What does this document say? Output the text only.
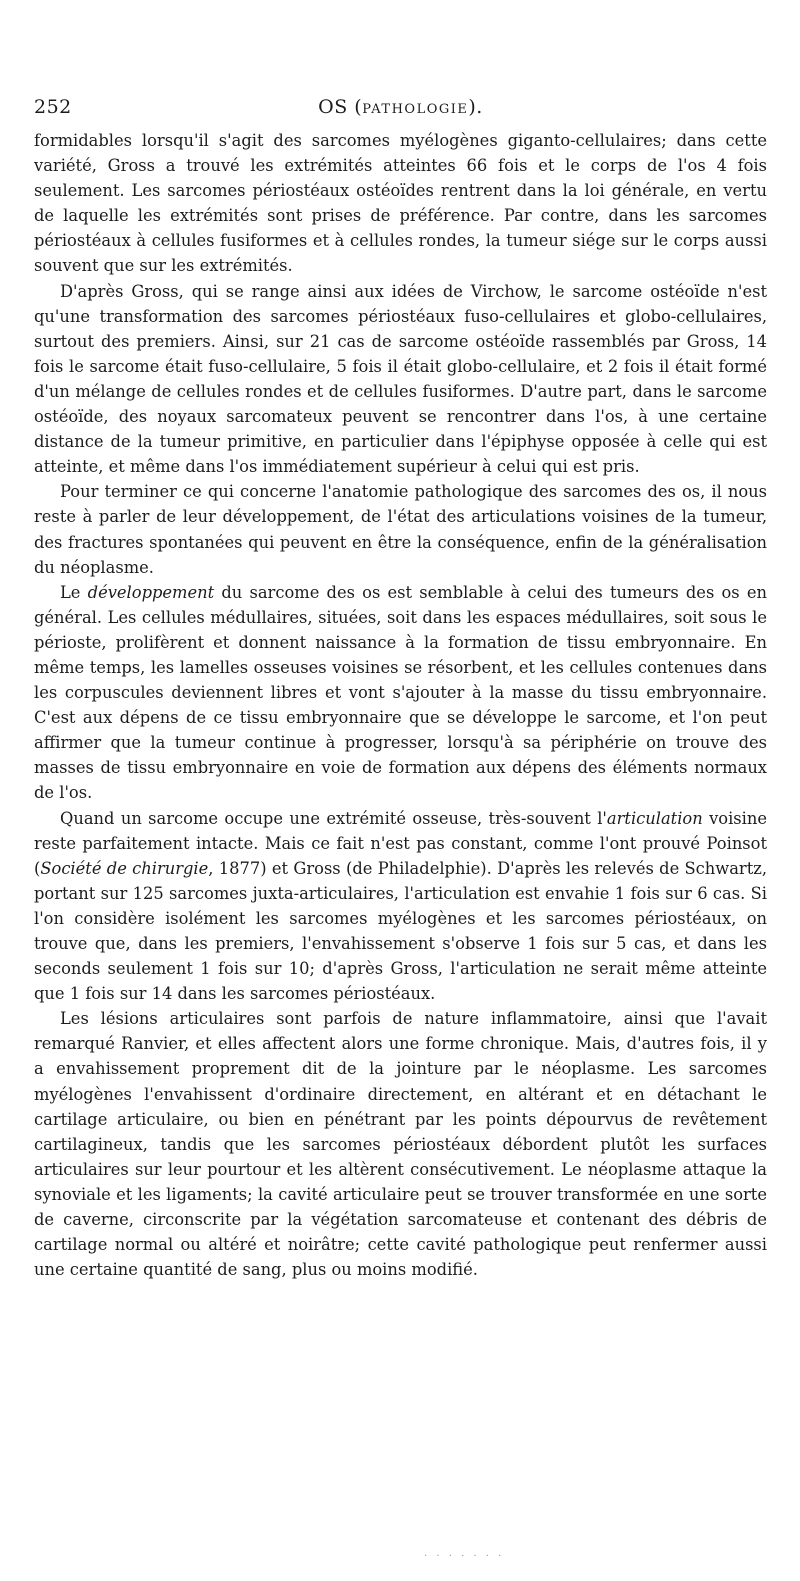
252	OS (PATHOLOGIE).

formidables lorsqu'il s'agit des sarcomes myélogènes giganto-cellulaires; dans cette variété, Gross a trouvé les extrémités atteintes 66 fois et le corps de l'os 4 fois seulement. Les sarcomes périostéaux ostéoïdes rentrent dans la loi générale, en vertu de laquelle les extrémités sont prises de préférence. Par contre, dans les sarcomes périostéaux à cellules fusiformes et à cellules rondes, la tumeur siége sur le corps aussi souvent que sur les extrémités.

D'après Gross, qui se range ainsi aux idées de Virchow, le sarcome ostéoïde n'est qu'une transformation des sarcomes périostéaux fuso-cellulaires et globo-cellulaires, surtout des premiers. Ainsi, sur 21 cas de sarcome ostéoïde rassemblés par Gross, 14 fois le sarcome était fuso-cellulaire, 5 fois il était globo-cellulaire, et 2 fois il était formé d'un mélange de cellules rondes et de cellules fusiformes. D'autre part, dans le sarcome ostéoïde, des noyaux sarcomateux peuvent se rencontrer dans l'os, à une certaine distance de la tumeur primitive, en particulier dans l'épiphyse opposée à celle qui est atteinte, et même dans l'os immédiatement supérieur à celui qui est pris.

Pour terminer ce qui concerne l'anatomie pathologique des sarcomes des os, il nous reste à parler de leur développement, de l'état des articulations voisines de la tumeur, des fractures spontanées qui peuvent en être la conséquence, enfin de la généralisation du néoplasme.

Le développement du sarcome des os est semblable à celui des tumeurs des os en général. Les cellules médullaires, situées, soit dans les espaces médullaires, soit sous le périoste, prolifèrent et donnent naissance à la formation de tissu embryonnaire. En même temps, les lamelles osseuses voisines se résorbent, et les cellules contenues dans les corpuscules deviennent libres et vont s'ajouter à la masse du tissu embryonnaire. C'est aux dépens de ce tissu embryonnaire que se développe le sarcome, et l'on peut affirmer que la tumeur continue à progresser, lorsqu'à sa périphérie on trouve des masses de tissu embryonnaire en voie de formation aux dépens des éléments normaux de l'os.

Quand un sarcome occupe une extrémité osseuse, très-souvent l'articulation voisine reste parfaitement intacte. Mais ce fait n'est pas constant, comme l'ont prouvé Poinsot (Société de chirurgie, 1877) et Gross (de Philadelphie). D'après les relevés de Schwartz, portant sur 125 sarcomes juxta-articulaires, l'articulation est envahie 1 fois sur 6 cas. Si l'on considère isolément les sarcomes myélogènes et les sarcomes périostéaux, on trouve que, dans les premiers, l'envahissement s'observe 1 fois sur 5 cas, et dans les seconds seulement 1 fois sur 10; d'après Gross, l'articulation ne serait même atteinte que 1 fois sur 14 dans les sarcomes périostéaux.

Les lésions articulaires sont parfois de nature inflammatoire, ainsi que l'avait remarqué Ranvier, et elles affectent alors une forme chronique. Mais, d'autres fois, il y a envahissement proprement dit de la jointure par le néoplasme. Les sarcomes myélogènes l'envahissent d'ordinaire directement, en altérant et en détachant le cartilage articulaire, ou bien en pénétrant par les points dépourvus de revêtement cartilagineux, tandis que les sarcomes périostéaux débordent plutôt les surfaces articulaires sur leur pourtour et les altèrent consécutivement. Le néoplasme attaque la synoviale et les ligaments; la cavité articulaire peut se trouver transformée en une sorte de caverne, circonscrite par la végétation sarcomateuse et contenant des débris de cartilage normal ou altéré et noirâtre; cette cavité pathologique peut renfermer aussi une certaine quantité de sang, plus ou moins modifié.

· · · · · · ·
